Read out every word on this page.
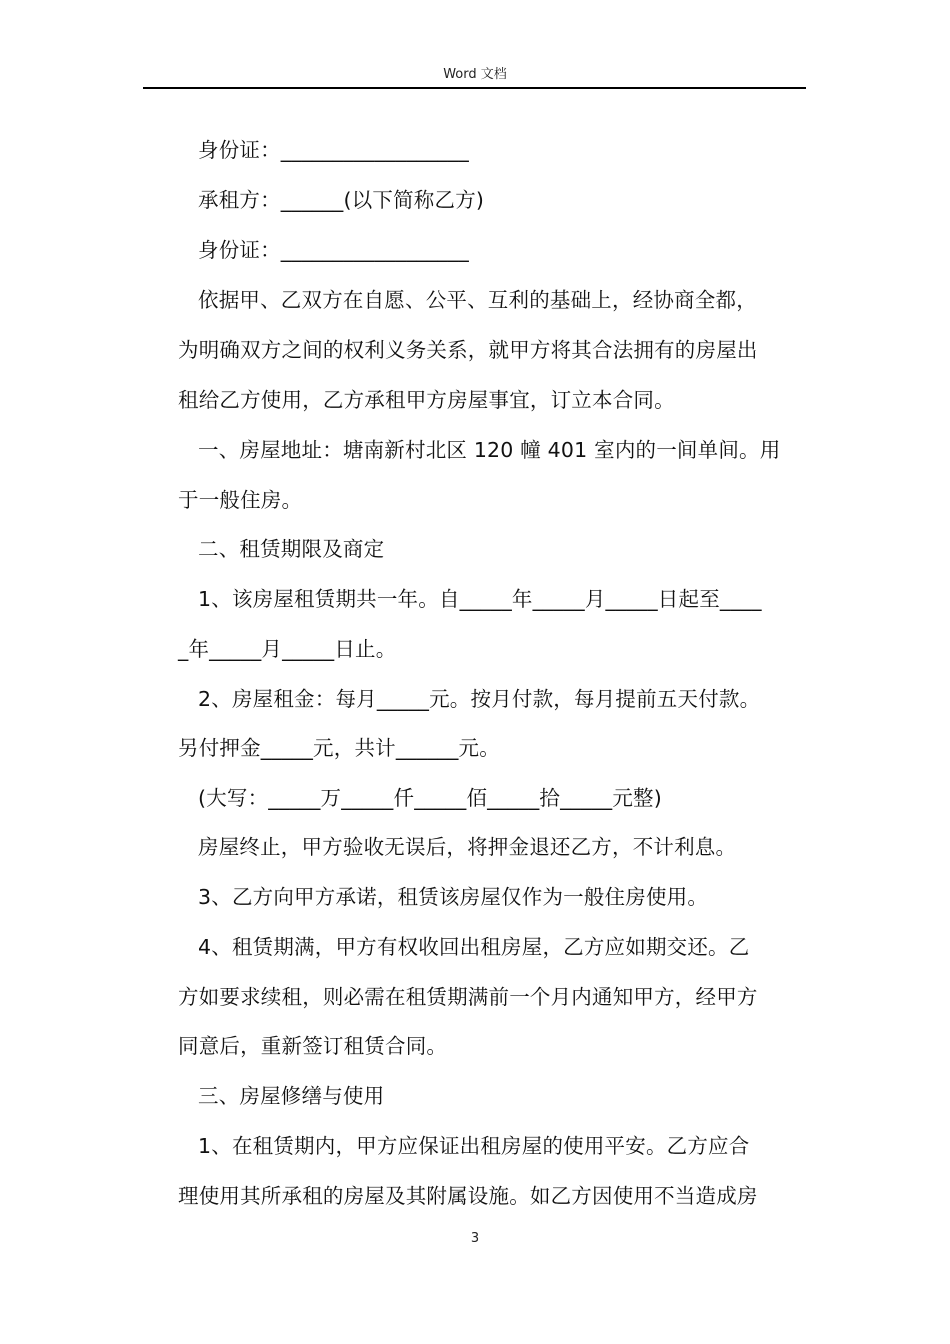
Word 文档
身份证：__________________
承租方：______(以下简称乙方)
身份证：__________________
依据甲、乙双方在自愿、公平、互利的基础上，经协商全都，
为明确双方之间的权利义务关系，就甲方将其合法拥有的房屋出
租给乙方使用，乙方承租甲方房屋事宜，订立本合同。
一、房屋地址：塘南新村北区 120 幢 401 室内的一间单间。用
于一般住房。
二、租赁期限及商定
1、该房屋租赁期共一年。自_____年_____月_____日起至____
_年_____月_____日止。
2、房屋租金：每月_____元。按月付款，每月提前五天付款。
另付押金_____元，共计______元。
(大写：_____万_____仟_____佰_____拾_____元整)
房屋终止，甲方验收无误后，将押金退还乙方，不计利息。
3、乙方向甲方承诺，租赁该房屋仅作为一般住房使用。
4、租赁期满，甲方有权收回出租房屋，乙方应如期交还。乙
方如要求续租，则必需在租赁期满前一个月内通知甲方，经甲方
同意后，重新签订租赁合同。
三、房屋修缮与使用
1、在租赁期内，甲方应保证出租房屋的使用平安。乙方应合
理使用其所承租的房屋及其附属设施。如乙方因使用不当造成房
3
